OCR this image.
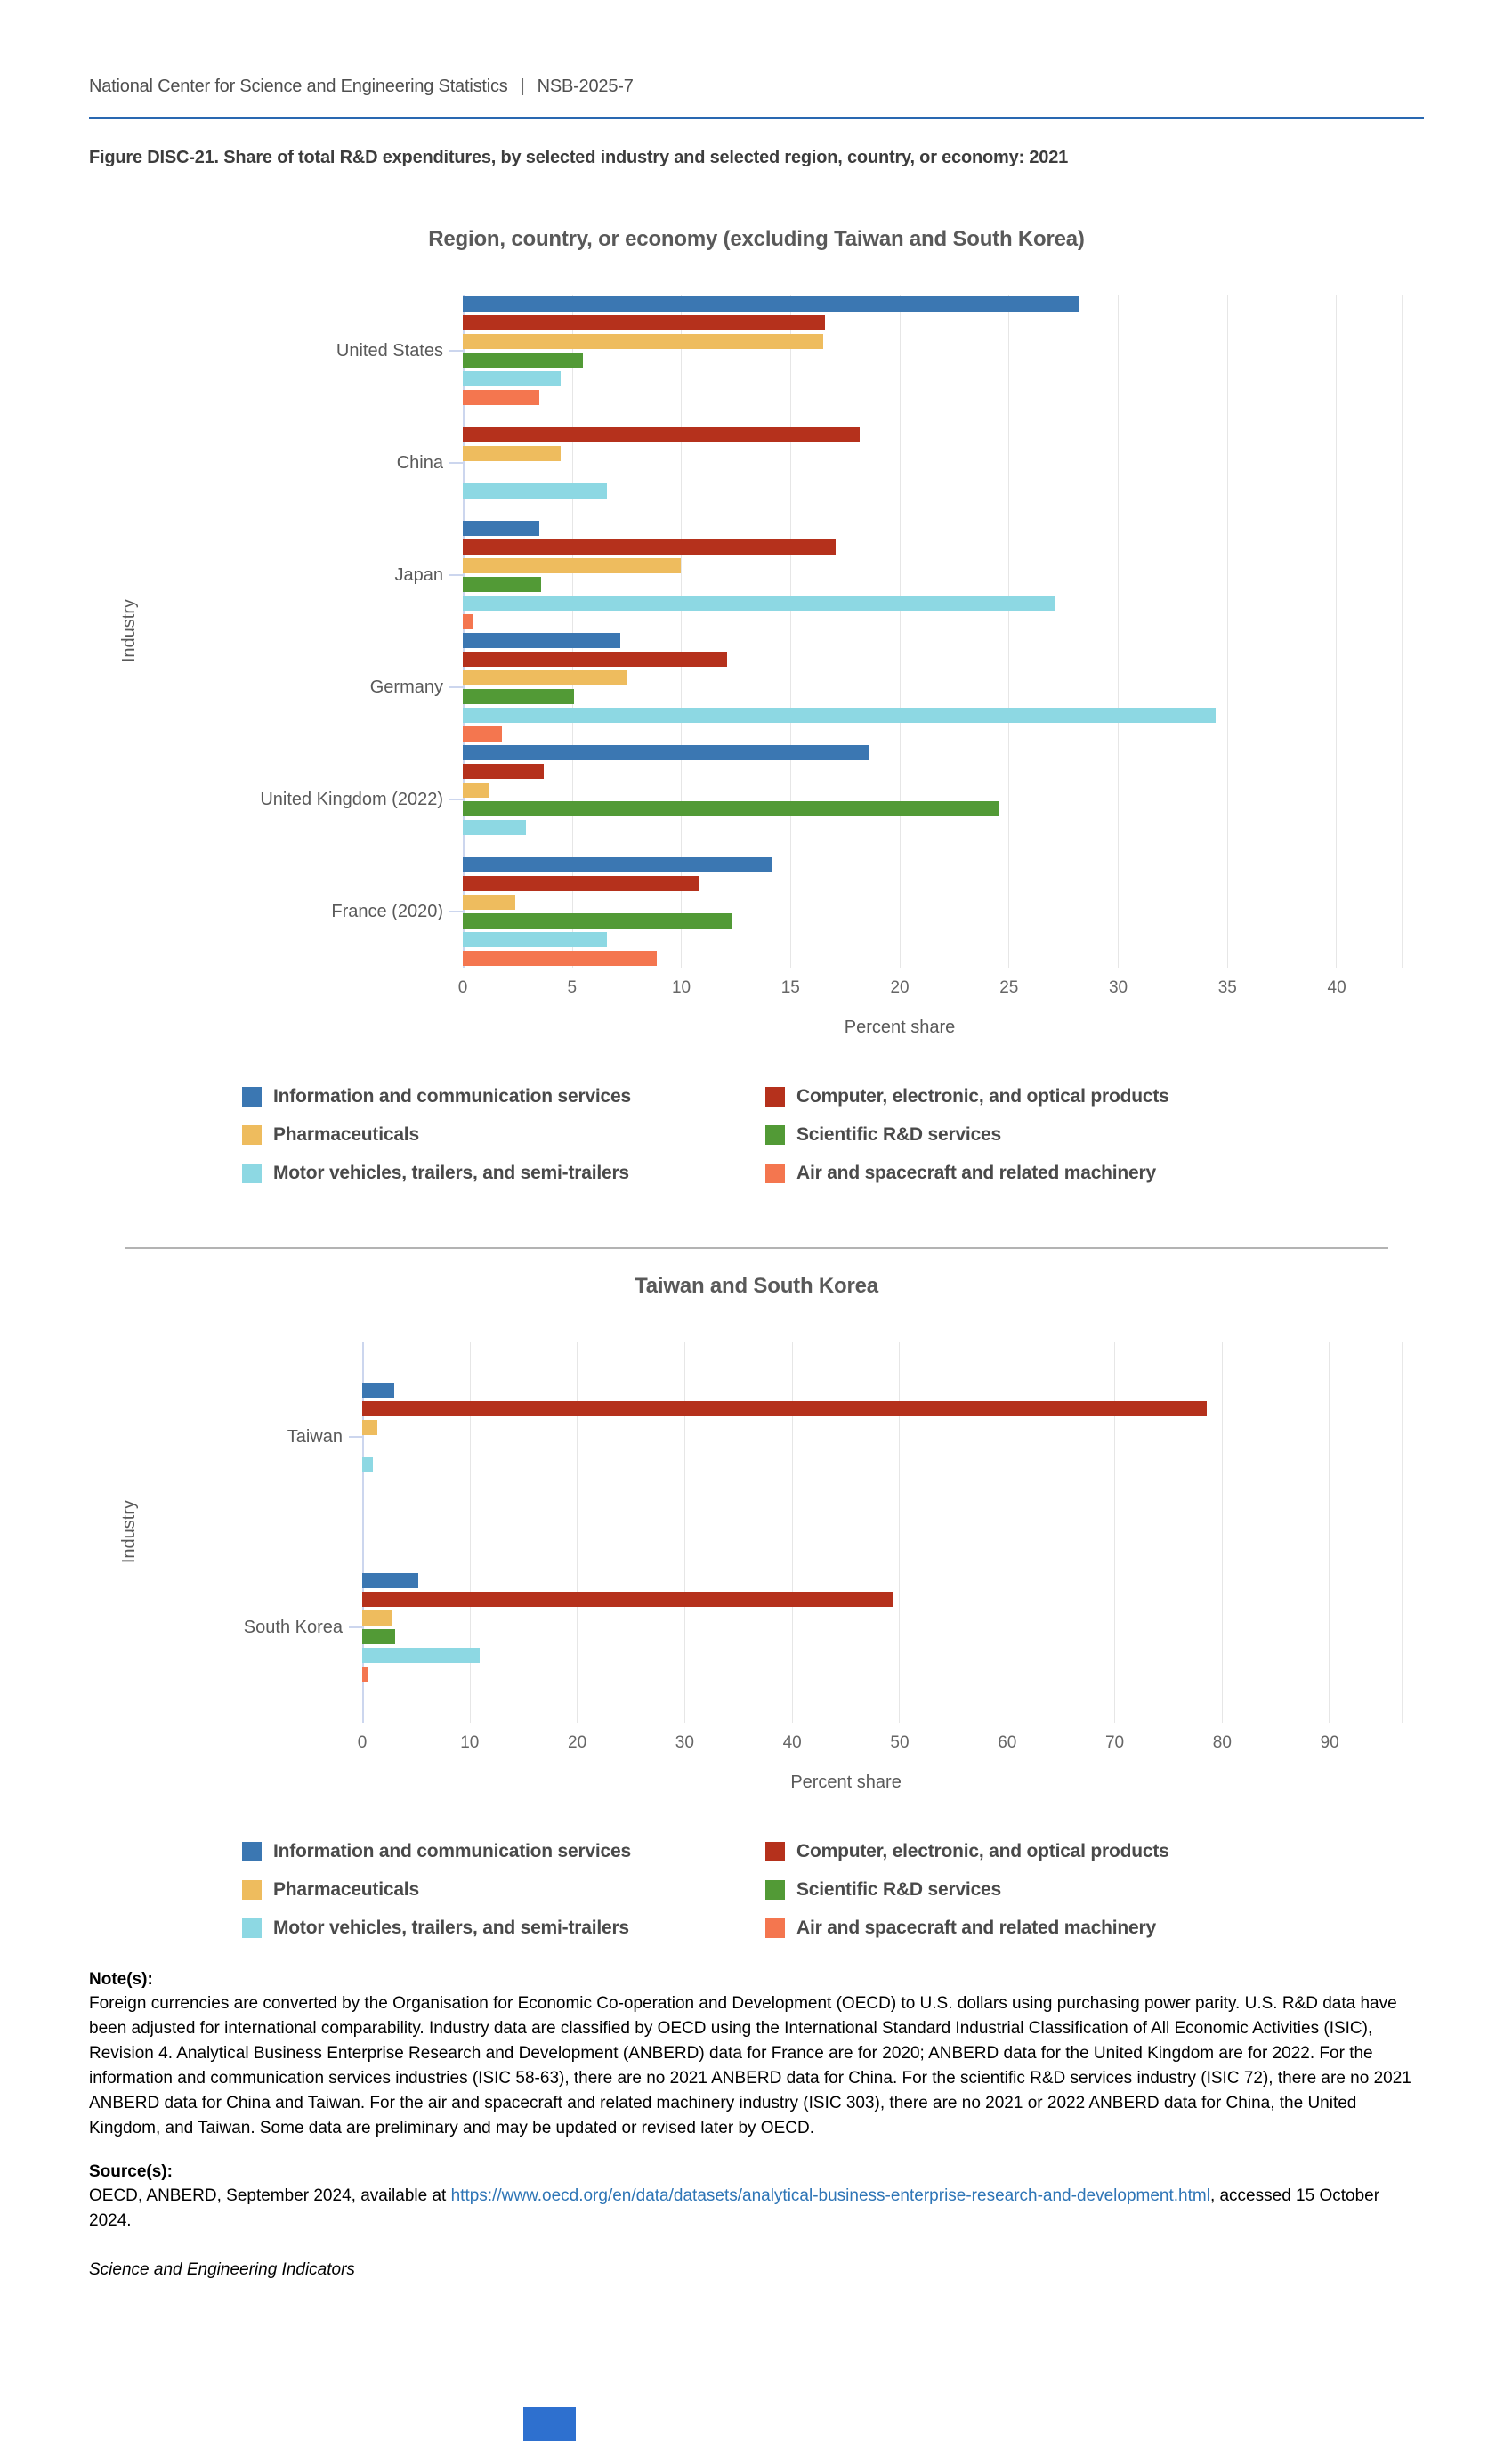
National Center for Science and Engineering Statistics | NSB-2025-7
Figure DISC-21. Share of total R&D expenditures, by selected industry and selected region, country, or economy: 2021
Region, country, or economy (excluding Taiwan and South Korea)
Industry
United States
China
Japan
Germany
United Kingdom (2022)
France (2020)
0	5	10	15	20	25	30	35	40
Percent share
Information and communication services
Pharmaceuticals
Motor vehicles, trailers, and semi-trailers
Computer, electronic, and optical products
Scientific R&D services
Air and spacecraft and related machinery
Taiwan and South Korea
Industry
Taiwan
South Korea
0	10	20	30	40	50	60	70	80	90
Percent share
Information and communication services
Pharmaceuticals
Motor vehicles, trailers, and semi-trailers
Computer, electronic, and optical products
Scientific R&D services
Air and spacecraft and related machinery
Note(s):

Foreign currencies are converted by the Organisation for Economic Co-operation and Development (OECD) to U.S. dollars using purchasing power parity. U.S. R&D data have been adjusted for international comparability. Industry data are classified by OECD using the International Standard Industrial Classification of All Economic Activities (ISIC), Revision 4. Analytical Business Enterprise Research and Development (ANBERD) data for France are for 2020; ANBERD data for the United Kingdom are for 2022. For the information and communication services industries (ISIC 58-63), there are no 2021 ANBERD data for China. For the scientific R&D services industry (ISIC 72), there are no 2021 ANBERD data for China and Taiwan. For the air and spacecraft and related machinery industry (ISIC 303), there are no 2021 or 2022 ANBERD data for China, the United Kingdom, and Taiwan. Some data are preliminary and may be updated or revised later by OECD.

Source(s):

OECD, ANBERD, September 2024, available at https://www.oecd.org/en/data/datasets/analytical-business-enterprise-research-and-development.html, accessed 15 October 2024.

Science and Engineering Indicators
